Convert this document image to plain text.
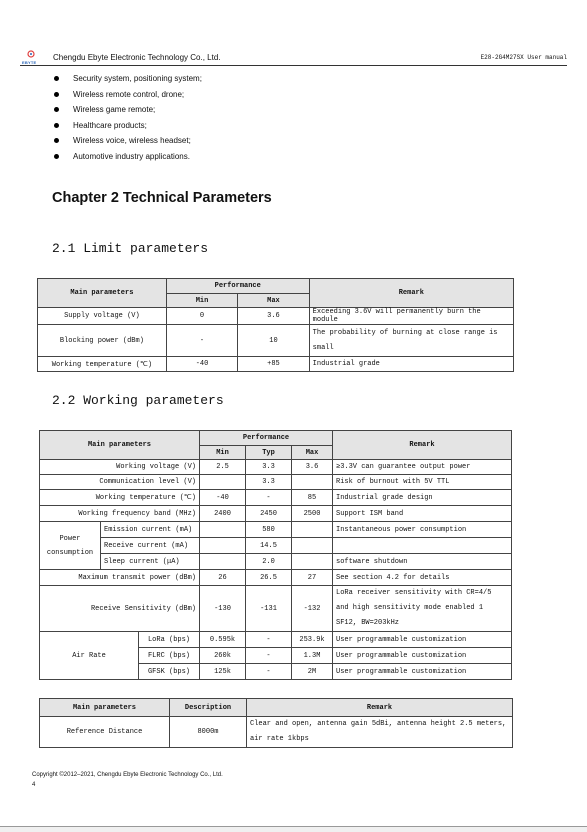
EBYTE
Chengdu Ebyte Electronic Technology Co., Ltd.	E28-2G4M27SX User manual
Security system, positioning system;
Wireless remote control, drone;
Wireless game remote;
Healthcare products;
Wireless voice, wireless headset;
Automotive industry applications.
Chapter 2 Technical Parameters
2.1 Limit parameters
Main parameters	Performance		Remark
	Min	Max	
Supply voltage (V)	0	3.6	Exceeding 3.6V will permanently burn the module
Blocking power (dBm)	-	10	The probability of burning at close range is small
Working temperature (℃)	-40	+85	Industrial grade
2.2 Working parameters
Main parameters			Performance			Remark
			Min	Typ	Max	
Working voltage (V)			2.5	3.3	3.6	≥3.3V can guarantee output power
Communication level (V)				3.3		Risk of burnout with 5V TTL
Working temperature (℃)			-40	-	85	Industrial grade design
Working frequency band (MHz)			2400	2450	2500	Support ISM band
Power
consumption	Emission current (mA)			580		Instantaneous power consumption
	Receive current (mA)			14.5		
	Sleep current (μA)			2.0		software shutdown
Maximum transmit power (dBm)			26	26.5	27	See section 4.2 for details
Receive Sensitivity (dBm)			-130	-131	-132	LoRa receiver sensitivity with CR=4/5
and high sensitivity mode enabled 1
SF12, BW=203kHz
Air Rate		LoRa (bps)	0.595k	-	253.9k	User programmable customization
		FLRC (bps)	260k	-	1.3M	User programmable customization
		GFSK (bps)	125k	-	2M	User programmable customization
Main parameters	Description	Remark
Reference Distance	8000m	Clear and open, antenna gain 5dBi, antenna height 2.5 meters,
air rate 1kbps
Copyright ©2012–2021, Chengdu Ebyte Electronic Technology Co., Ltd.
4
